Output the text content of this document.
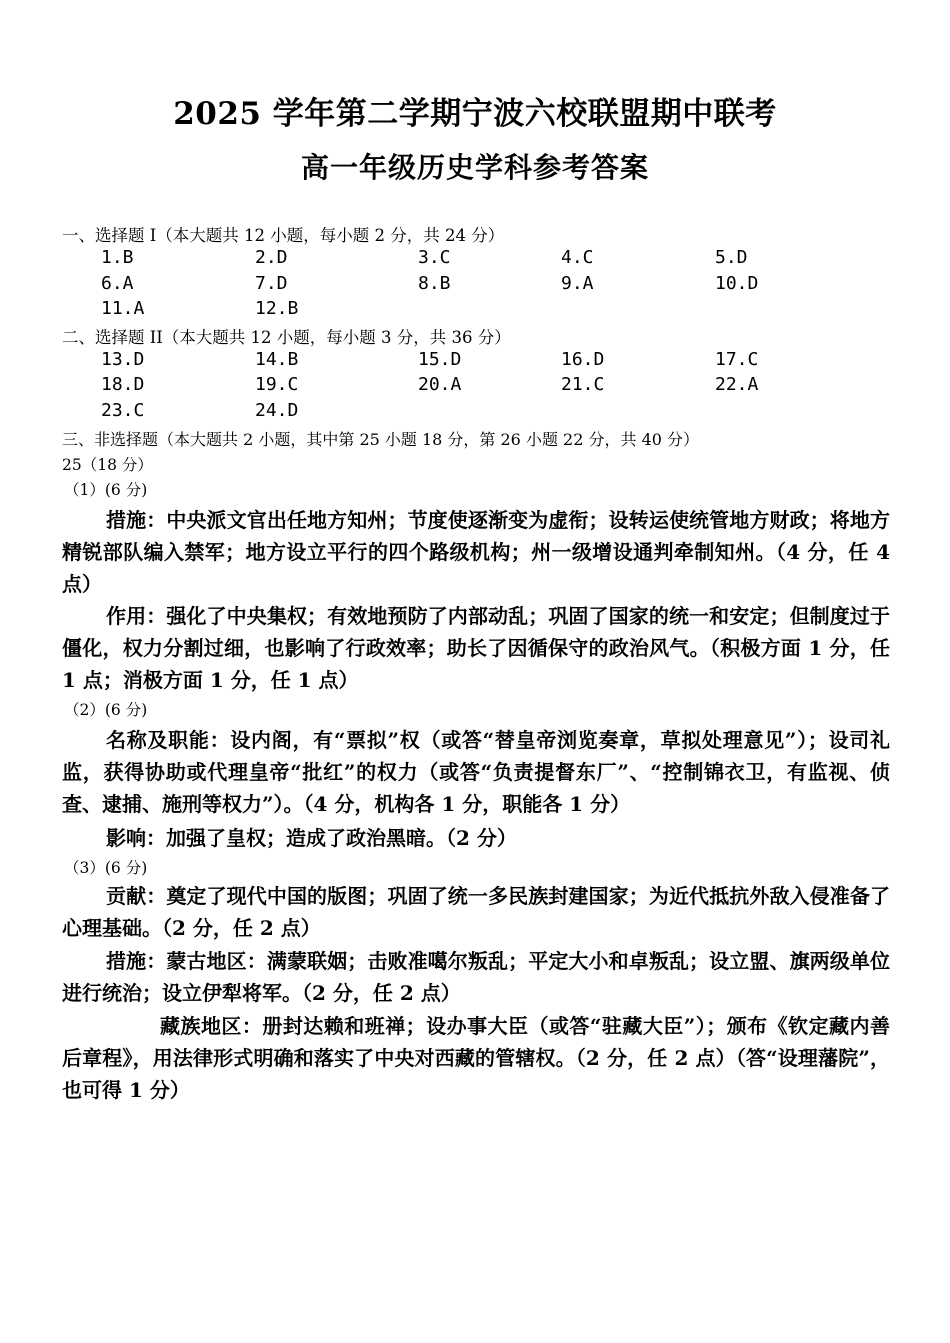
2025 学年第二学期宁波六校联盟期中联考
高一年级历史学科参考答案
一、选择题 I（本大题共 12 小题，每小题 2 分，共 24 分）
1.B	2.D	3.C	4.C	5.D
6.A	7.D	8.B	9.A	10.D
11.A	12.B
二、选择题 II（本大题共 12 小题，每小题 3 分，共 36 分）
13.D	14.B	15.D	16.D	17.C
18.D	19.C	20.A	21.C	22.A
23.C	24.D
三、非选择题（本大题共 2 小题，其中第 25 小题 18 分，第 26 小题 22 分，共 40 分）
25（18 分）
（1）(6 分)
措施：中央派文官出任地方知州；节度使逐渐变为虚衔；设转运使统管地方财政；将地方精锐部队编入禁军；地方设立平行的四个路级机构；州一级增设通判牵制知州。（4 分，任 4 点）
作用：强化了中央集权；有效地预防了内部动乱；巩固了国家的统一和安定；但制度过于僵化，权力分割过细，也影响了行政效率；助长了因循保守的政治风气。（积极方面 1 分，任 1 点；消极方面 1 分，任 1 点）
（2）(6 分)
名称及职能：设内阁，有“票拟”权（或答“替皇帝浏览奏章，草拟处理意见”）；设司礼监，获得协助或代理皇帝“批红”的权力（或答“负责提督东厂”、“控制锦衣卫，有监视、侦查、逮捕、施刑等权力”）。（4 分，机构各 1 分，职能各 1 分）
影响：加强了皇权；造成了政治黑暗。（2 分）
（3）(6 分)
贡献：奠定了现代中国的版图；巩固了统一多民族封建国家；为近代抵抗外敌入侵准备了心理基础。（2 分，任 2 点）
措施：蒙古地区：满蒙联姻；击败准噶尔叛乱；平定大小和卓叛乱；设立盟、旗两级单位进行统治；设立伊犁将军。（2 分，任 2 点）
藏族地区：册封达赖和班禅；设办事大臣（或答“驻藏大臣”）；颁布《钦定藏内善后章程》，用法律形式明确和落实了中央对西藏的管辖权。（2 分，任 2 点）（答“设理藩院”，也可得 1 分）
